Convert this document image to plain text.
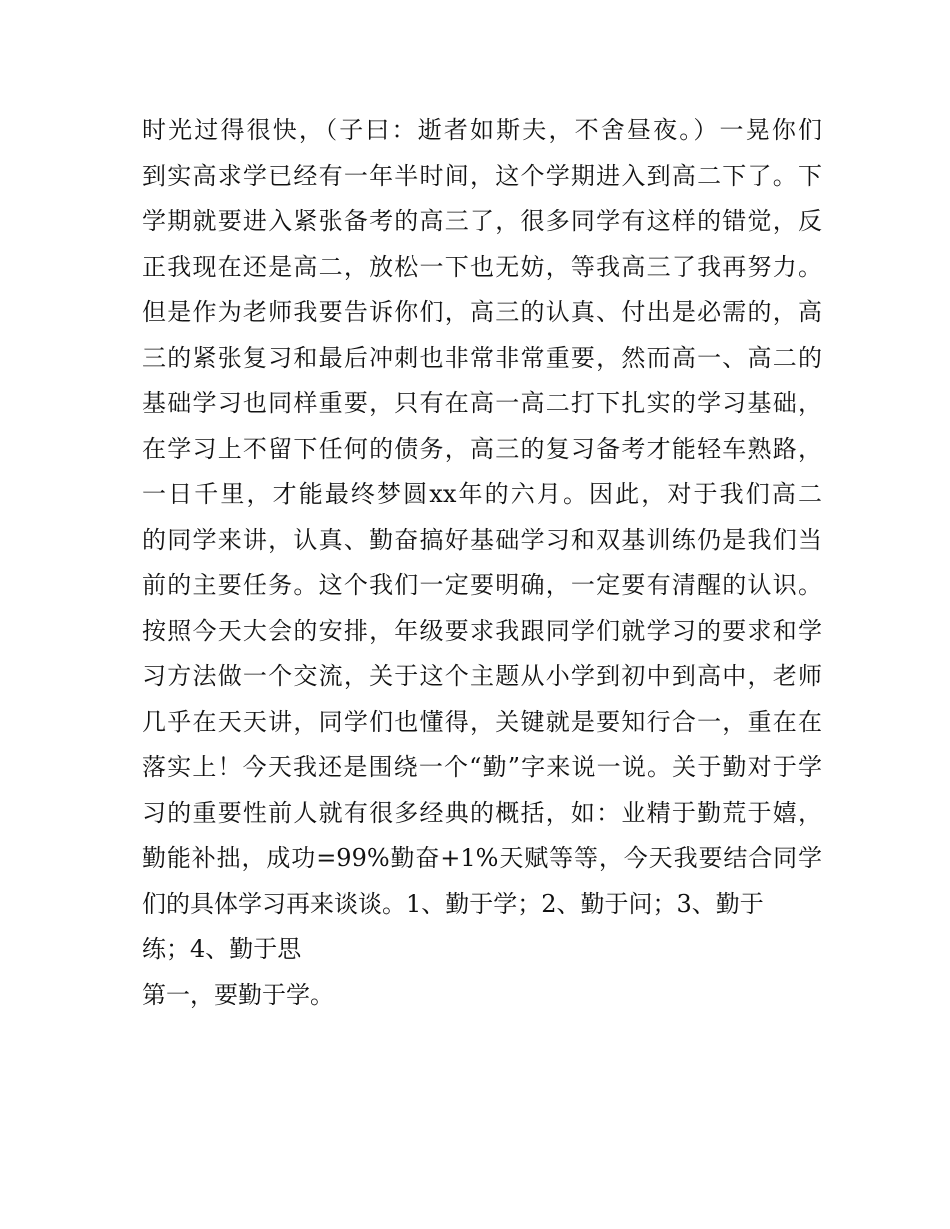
时光过得很快，（子曰：逝者如斯夫，不舍昼夜。）一晃你们
到实高求学已经有一年半时间，这个学期进入到高二下了。下
学期就要进入紧张备考的高三了，很多同学有这样的错觉，反
正我现在还是高二，放松一下也无妨，等我高三了我再努力。
但是作为老师我要告诉你们，高三的认真、付出是必需的，高
三的紧张复习和最后冲刺也非常非常重要，然而高一、高二的
基础学习也同样重要，只有在高一高二打下扎实的学习基础，
在学习上不留下任何的债务，高三的复习备考才能轻车熟路，
一日千里，才能最终梦圆xx年的六月。因此，对于我们高二
的同学来讲，认真、勤奋搞好基础学习和双基训练仍是我们当
前的主要任务。这个我们一定要明确，一定要有清醒的认识。
按照今天大会的安排，年级要求我跟同学们就学习的要求和学
习方法做一个交流，关于这个主题从小学到初中到高中，老师
几乎在天天讲，同学们也懂得，关键就是要知行合一，重在在
落实上！今天我还是围绕一个“勤”字来说一说。关于勤对于学
习的重要性前人就有很多经典的概括，如：业精于勤荒于嬉，
勤能补拙，成功=99%勤奋+1%天赋等等，今天我要结合同学
们的具体学习再来谈谈。1、勤于学；2、勤于问；3、勤于
练；4、勤于思
第一，要勤于学。
